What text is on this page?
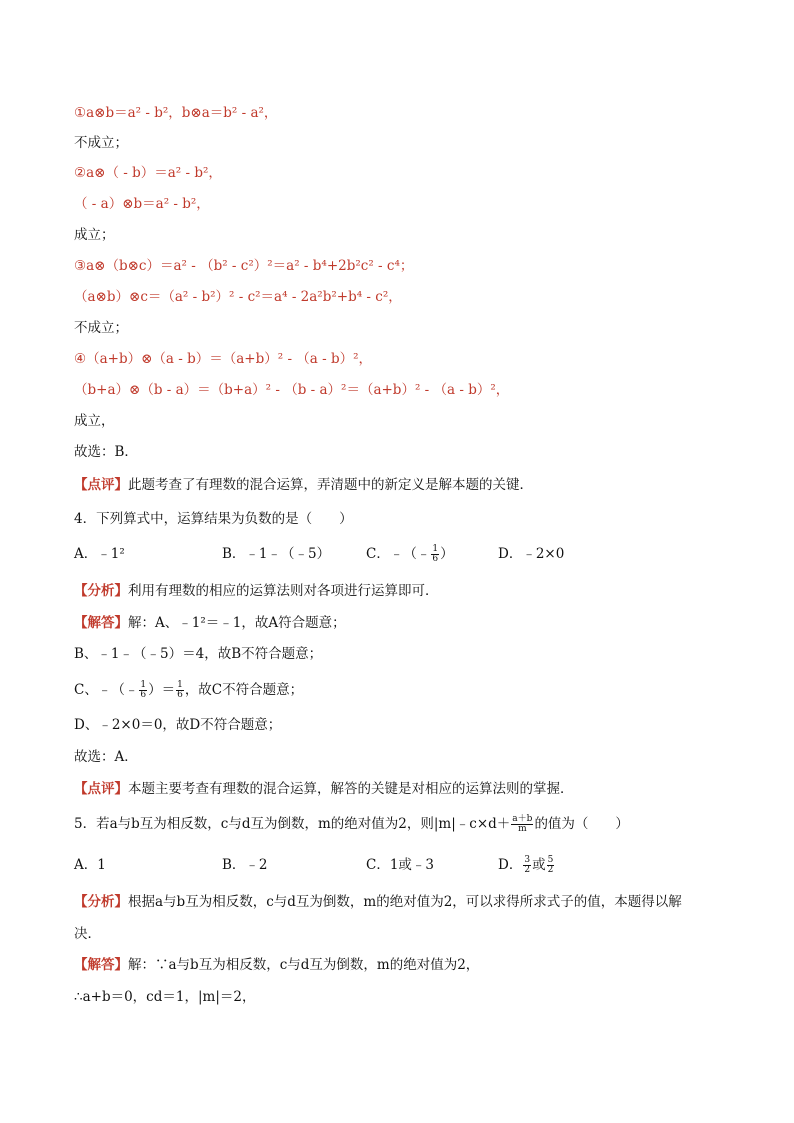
①a⊗b＝a² - b²，b⊗a＝b² - a²，
不成立；
②a⊗（ - b）＝a² - b²，
（ - a）⊗b＝a² - b²，
成立；
③a⊗（b⊗c）＝a² - （b² - c²）²＝a² - b⁴+2b²c² - c⁴；
（a⊗b）⊗c＝（a² - b²）² - c²＝a⁴ - 2a²b²+b⁴ - c²，
不成立；
④（a+b）⊗（a - b）＝（a+b）² - （a - b）²，
（b+a）⊗（b - a）＝（b+a）² - （b - a）²＝（a+b）² - （a - b）²，
成立，
故选：B．
【点评】此题考查了有理数的混合运算，弄清题中的新定义是解本题的关键．
4．下列算式中，运算结果为负数的是（　　）
A．﹣1²	B．﹣1﹣（﹣5）	C．﹣（﹣ $\frac{1}{6}$ ）	D．﹣2×0
【分析】利用有理数的相应的运算法则对各项进行运算即可．
【解答】解：A、﹣1²＝﹣1，故A符合题意；
B、﹣1﹣（﹣5）＝4，故B不符合题意；
C、﹣（﹣ $\frac{1}{6}$ ）＝ $\frac{1}{6}$ ，故C不符合题意；
D、﹣2×0＝0，故D不符合题意；
故选：A．
【点评】本题主要考查有理数的混合运算，解答的关键是对相应的运算法则的掌握．
5．若a与b互为相反数，c与d互为倒数，m的绝对值为2，则|m|﹣c×d＋ $\frac{a+b}{m}$ 的值为（　　）
A．1	B．﹣2	C．1或﹣3	D． $\frac{3}{2}$ 或 $\frac{5}{2}$
【分析】根据a与b互为相反数，c与d互为倒数，m的绝对值为2，可以求得所求式子的值，本题得以解
决．
【解答】解：∵a与b互为相反数，c与d互为倒数，m的绝对值为2，
∴a+b＝0，cd＝1，|m|＝2，
